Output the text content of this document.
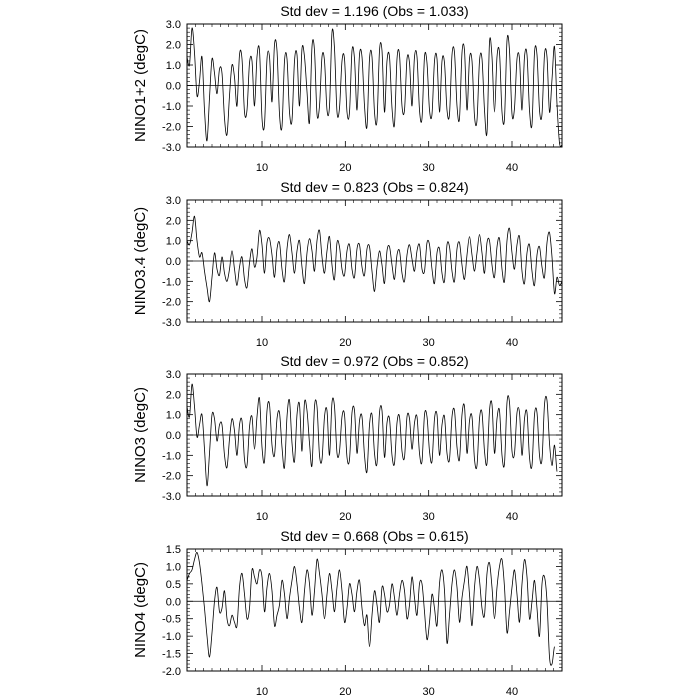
Std dev = 1.196 (Obs = 1.033)
NINO1+2 (degC)
3.0
2.0
1.0
0.0
-1.0
-2.0
-3.0
10	20	30	40
Std dev = 0.823 (Obs = 0.824)
NINO3.4 (degC)
3.0
2.0
1.0
0.0
-1.0
-2.0
-3.0
10	20	30	40
Std dev = 0.972 (Obs = 0.852)
NINO3 (degC)
3.0
2.0
1.0
0.0
-1.0
-2.0
-3.0
10	20	30	40
Std dev = 0.668 (Obs = 0.615)
NINO4 (degC)
1.5
1.0
0.5
0.0
-0.5
-1.0
-1.5
-2.0
10	20	30	40
